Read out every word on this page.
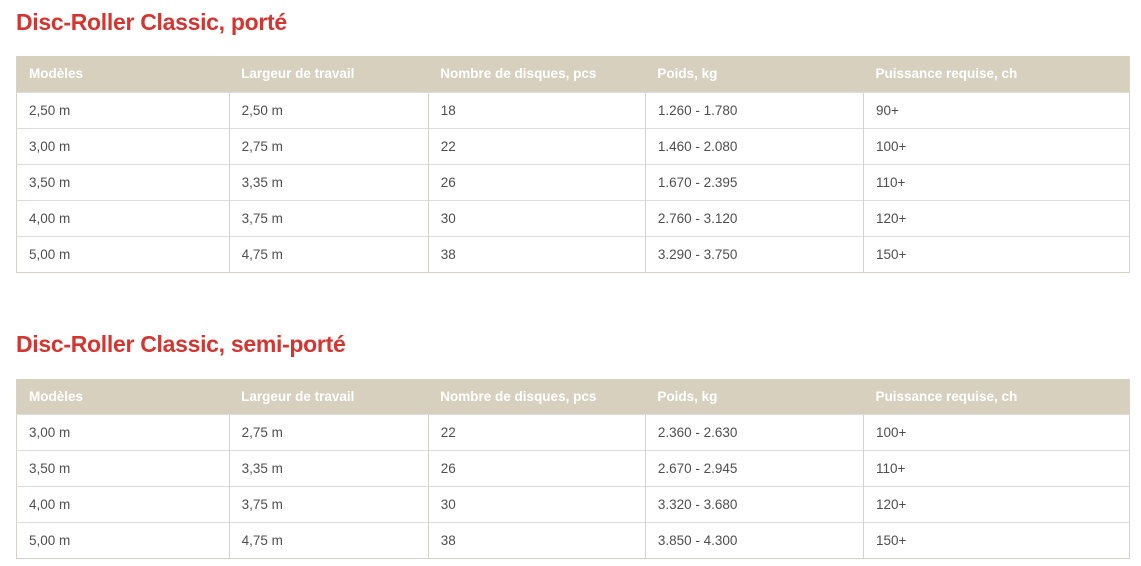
Disc-Roller Classic, porté
Modèles	Largeur de travail	Nombre de disques, pcs	Poids, kg	Puissance requise, ch
2,50 m	2,50 m	18	1.260 - 1.780	90+
3,00 m	2,75 m	22	1.460 - 2.080	100+
3,50 m	3,35 m	26	1.670 - 2.395	110+
4,00 m	3,75 m	30	2.760 - 3.120	120+
5,00 m	4,75 m	38	3.290 - 3.750	150+
Disc-Roller Classic, semi-porté
Modèles	Largeur de travail	Nombre de disques, pcs	Poids, kg	Puissance requise, ch
3,00 m	2,75 m	22	2.360 - 2.630	100+
3,50 m	3,35 m	26	2.670 - 2.945	110+
4,00 m	3,75 m	30	3.320 - 3.680	120+
5,00 m	4,75 m	38	3.850 - 4.300	150+
